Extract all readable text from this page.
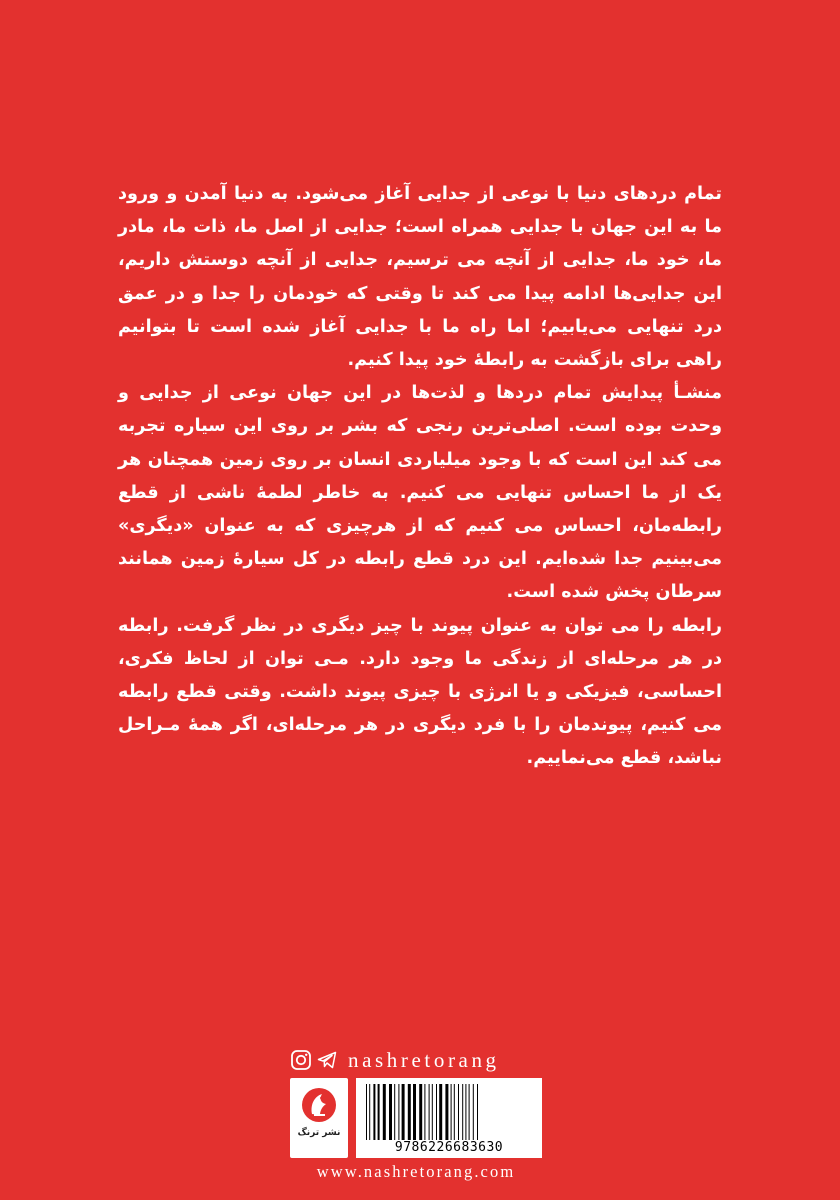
تمام دردهای دنیا با نوعی از جدایی آغاز می‌شود. به دنیا آمدن و ورود ما به این جهان با جدایی همراه است؛ جدایی از اصل ما، ذات ما، مادر ما، خود ما، جدایی از آنچه می ترسیم، جدایی از آنچه دوستش داریم، این جدایی‌ها ادامه پیدا می کند تا وقتی که خودمان را جدا و در عمق درد تنهایی می‌یابیم؛ اما راه ما با جدایی آغاز شده است تا بتوانیم راهی برای بازگشت به رابطهٔ خود پیدا کنیم.

منشـأ پیدایش تمام دردها و لذت‌ها در این جهان نوعی از جدایی و وحدت بوده است. اصلی‌ترین رنجی که بشر بر روی این سیاره تجربه می کند این است که با وجود میلیاردی انسان بر روی زمین همچنان هر یک از ما احساس تنهایی می کنیم. به خاطر لطمهٔ ناشی از قطع رابطه‌مان، احساس می کنیم که از هرچیزی که به عنوان «دیگری» می‌بینیم جدا شده‌ایم. این درد قطع رابطه در کل سیارهٔ زمین همانند سرطان پخش شده است.

رابطه را می توان به عنوان پیوند با چیز دیگری در نظر گرفت. رابطه در هر مرحله‌ای از زندگی ما وجود دارد. مـی توان از لحاظ فکری، احساسی، فیزیکی و یا انرژی با چیزی پیوند داشت. وقتی قطع رابطه می کنیم، پیوندمان را با فرد دیگری در هر مرحله‌ای، اگر همهٔ مـراحل نباشد، قطع می‌نماییم.

nashretorang
نشر ترنگ
9786226683630
www.nashretorang.com
